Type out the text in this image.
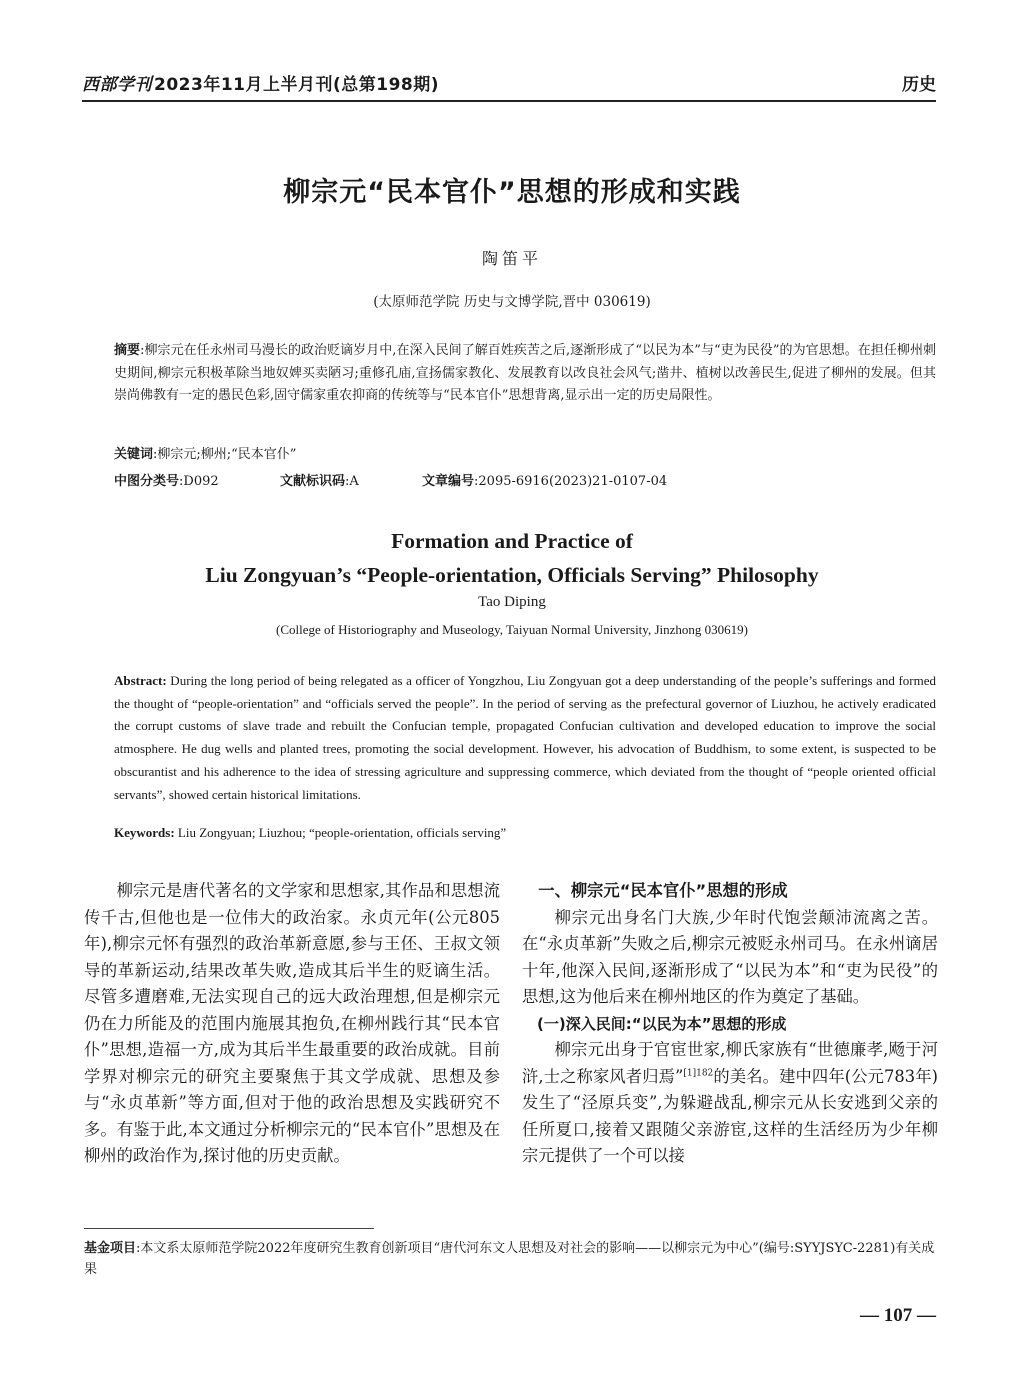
西部学刊 2023年11月上半月刊(总第198期)	历史
柳宗元“民本官仆”思想的形成和实践
陶笛平
(太原师范学院 历史与文博学院,晋中 030619)
摘要:柳宗元在任永州司马漫长的政治贬谪岁月中,在深入民间了解百姓疾苦之后,逐渐形成了“以民为本”与“吏为民役”的为官思想。在担任柳州刺史期间,柳宗元积极革除当地奴婢买卖陋习;重修孔庙,宣扬儒家教化、发展教育以改良社会风气;凿井、植树以改善民生,促进了柳州的发展。但其崇尚佛教有一定的愚民色彩,固守儒家重农抑商的传统等与“民本官仆”思想背离,显示出一定的历史局限性。
关键词:柳宗元;柳州;“民本官仆”
中图分类号:D092	文献标识码:A	文章编号:2095-6916(2023)21-0107-04
Formation and Practice of
Liu Zongyuan’s “People-orientation, Officials Serving” Philosophy
Tao Diping
(College of Historiography and Museology, Taiyuan Normal University, Jinzhong 030619)
Abstract: During the long period of being relegated as a officer of Yongzhou, Liu Zongyuan got a deep understanding of the people’s sufferings and formed the thought of “people-orientation” and “officials served the people”. In the period of serving as the prefectural governor of Liuzhou, he actively eradicated the corrupt customs of slave trade and rebuilt the Confucian temple, propagated Confucian cultivation and developed education to improve the social atmosphere. He dug wells and planted trees, promoting the social development. However, his advocation of Buddhism, to some extent, is suspected to be obscurantist and his adherence to the idea of stressing agriculture and suppressing commerce, which deviated from the thought of “people oriented official servants”, showed certain historical limitations.
Keywords: Liu Zongyuan; Liuzhou; “people-orientation, officials serving”

柳宗元是唐代著名的文学家和思想家,其作品和思想流传千古,但他也是一位伟大的政治家。永贞元年(公元805年),柳宗元怀有强烈的政治革新意愿,参与王伾、王叔文领导的革新运动,结果改革失败,造成其后半生的贬谪生活。尽管多遭磨难,无法实现自己的远大政治理想,但是柳宗元仍在力所能及的范围内施展其抱负,在柳州践行其“民本官仆”思想,造福一方,成为其后半生最重要的政治成就。目前学界对柳宗元的研究主要聚焦于其文学成就、思想及参与“永贞革新”等方面,但对于他的政治思想及实践研究不多。有鉴于此,本文通过分析柳宗元的“民本官仆”思想及在柳州的政治作为,探讨他的历史贡献。

一、柳宗元“民本官仆”思想的形成

柳宗元出身名门大族,少年时代饱尝颠沛流离之苦。在“永贞革新”失败之后,柳宗元被贬永州司马。在永州谪居十年,他深入民间,逐渐形成了“以民为本”和“吏为民役”的思想,这为他后来在柳州地区的作为奠定了基础。

(一)深入民间:“以民为本”思想的形成

柳宗元出身于官宦世家,柳氏家族有“世德廉孝,飏于河浒,士之称家风者归焉”$^{[1]182}$的美名。建中四年(公元783年)发生了“泾原兵变”,为躲避战乱,柳宗元从长安逃到父亲的任所夏口,接着又跟随父亲游宦,这样的生活经历为少年柳宗元提供了一个可以接

基金项目:本文系太原师范学院2022年度研究生教育创新项目“唐代河东文人思想及对社会的影响——以柳宗元为中心”(编号:SYYJSYC-2281)有关成果
— 107 —
